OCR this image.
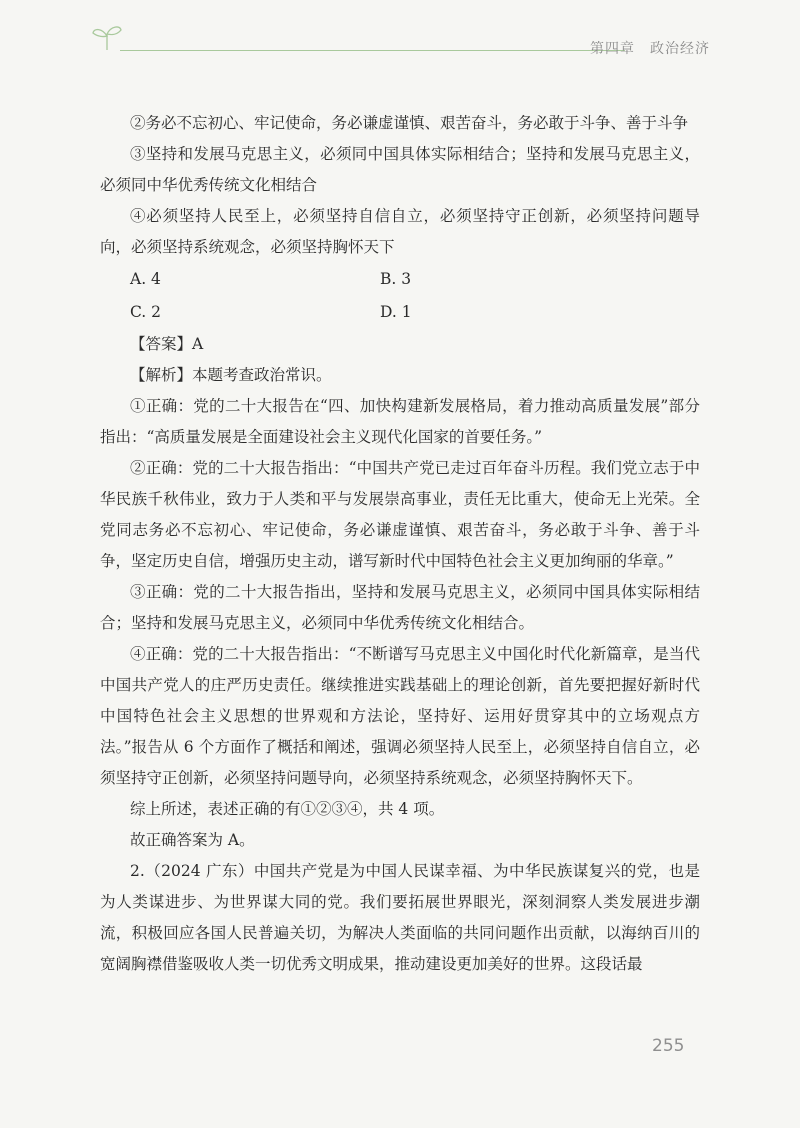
第四章　政治经济

②务必不忘初心、牢记使命，务必谦虚谨慎、艰苦奋斗，务必敢于斗争、善于斗争

③坚持和发展马克思主义，必须同中国具体实际相结合；坚持和发展马克思主义，必须同中华优秀传统文化相结合

④必须坚持人民至上，必须坚持自信自立，必须坚持守正创新，必须坚持问题导向，必须坚持系统观念，必须坚持胸怀天下

A. 4	B. 3

C. 2	D. 1

【答案】A

【解析】本题考查政治常识。

①正确：党的二十大报告在“四、加快构建新发展格局，着力推动高质量发展”部分指出：“高质量发展是全面建设社会主义现代化国家的首要任务。”

②正确：党的二十大报告指出：“中国共产党已走过百年奋斗历程。我们党立志于中华民族千秋伟业，致力于人类和平与发展崇高事业，责任无比重大，使命无上光荣。全党同志务必不忘初心、牢记使命，务必谦虚谨慎、艰苦奋斗，务必敢于斗争、善于斗争，坚定历史自信，增强历史主动，谱写新时代中国特色社会主义更加绚丽的华章。”

③正确：党的二十大报告指出，坚持和发展马克思主义，必须同中国具体实际相结合；坚持和发展马克思主义，必须同中华优秀传统文化相结合。

④正确：党的二十大报告指出：“不断谱写马克思主义中国化时代化新篇章，是当代中国共产党人的庄严历史责任。继续推进实践基础上的理论创新，首先要把握好新时代中国特色社会主义思想的世界观和方法论，坚持好、运用好贯穿其中的立场观点方法。”报告从 6 个方面作了概括和阐述，强调必须坚持人民至上，必须坚持自信自立，必须坚持守正创新，必须坚持问题导向，必须坚持系统观念，必须坚持胸怀天下。

综上所述，表述正确的有①②③④，共 4 项。

故正确答案为 A。

2.（2024 广东）中国共产党是为中国人民谋幸福、为中华民族谋复兴的党，也是为人类谋进步、为世界谋大同的党。我们要拓展世界眼光，深刻洞察人类发展进步潮流，积极回应各国人民普遍关切，为解决人类面临的共同问题作出贡献，以海纳百川的宽阔胸襟借鉴吸收人类一切优秀文明成果，推动建设更加美好的世界。这段话最

255
